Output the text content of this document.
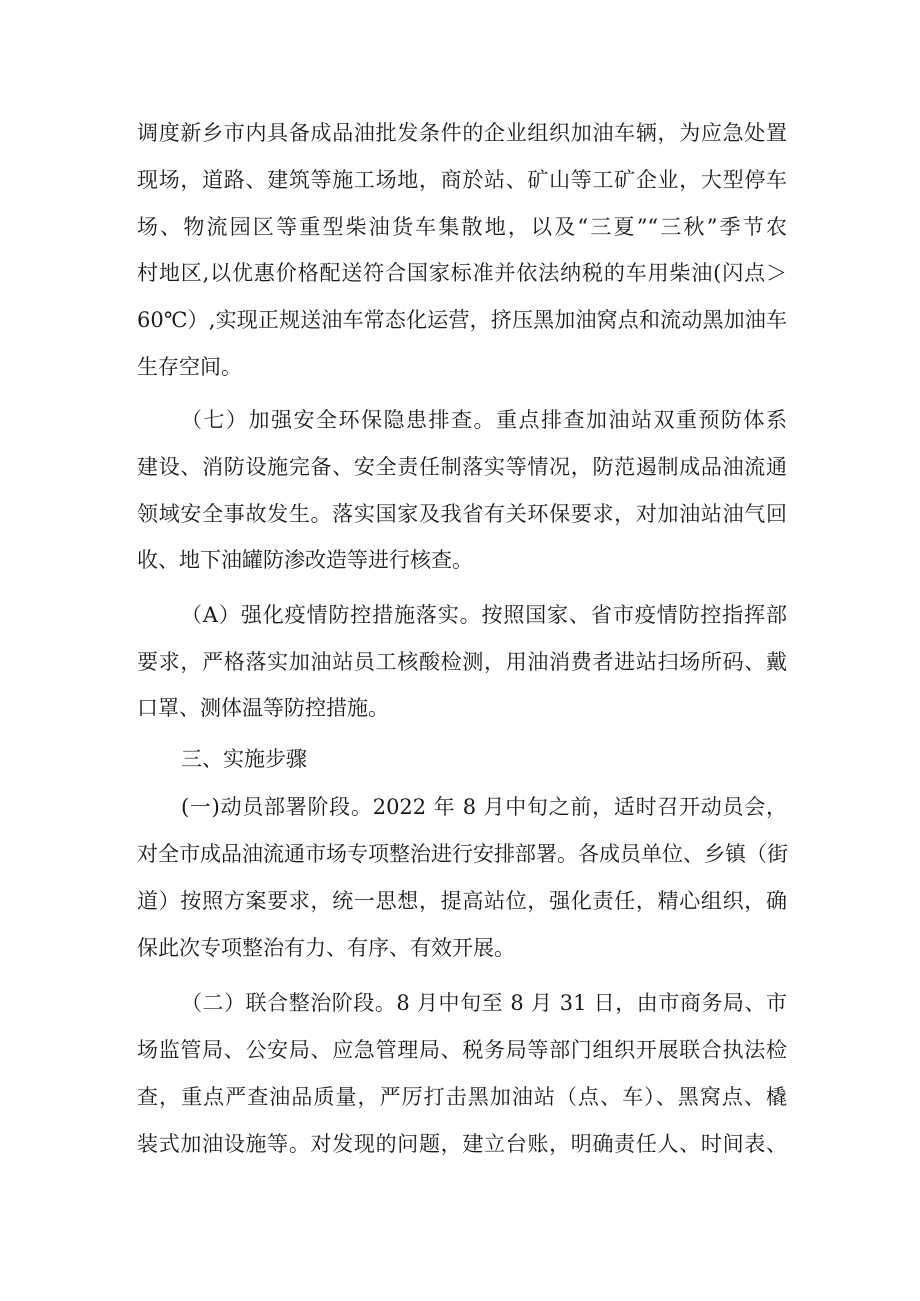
调度新乡市内具备成品油批发条件的企业组织加油车辆，为应急处置
现场，道路、建筑等施工场地，商於站、矿山等工矿企业，大型停车
场、物流园区等重型柴油货车集散地，以及“三夏”“三秋”季节农
村地区,以优惠价格配送符合国家标准并依法纳税的车用柴油(闪点＞
60℃）,实现正规送油车常态化运营，挤压黑加油窝点和流动黑加油车
生存空间。
（七）加强安全环保隐患排查。重点排查加油站双重预防体系
建设、消防设施完备、安全责任制落实等情况，防范遏制成品油流通
领域安全事故发生。落实国家及我省有关环保要求，对加油站油气回
收、地下油罐防渗改造等进行核查。
（A）强化疫情防控措施落实。按照国家、省市疫情防控指挥部
要求，严格落实加油站员工核酸检测，用油消费者进站扫场所码、戴
口罩、测体温等防控措施。
三、实施步骤
(一)动员部署阶段。2022 年 8 月中旬之前，适时召开动员会，
对全市成品油流通市场专项整治进行安排部署。各成员单位、乡镇（街
道）按照方案要求，统一思想，提高站位，强化责任，精心组织，确
保此次专项整治有力、有序、有效开展。
（二）联合整治阶段。8 月中旬至 8 月 31 日，由市商务局、市
场监管局、公安局、应急管理局、税务局等部门组织开展联合执法检
查，重点严查油品质量，严厉打击黑加油站（点、车）、黑窝点、橇
装式加油设施等。对发现的问题，建立台账，明确责任人、时间表、
